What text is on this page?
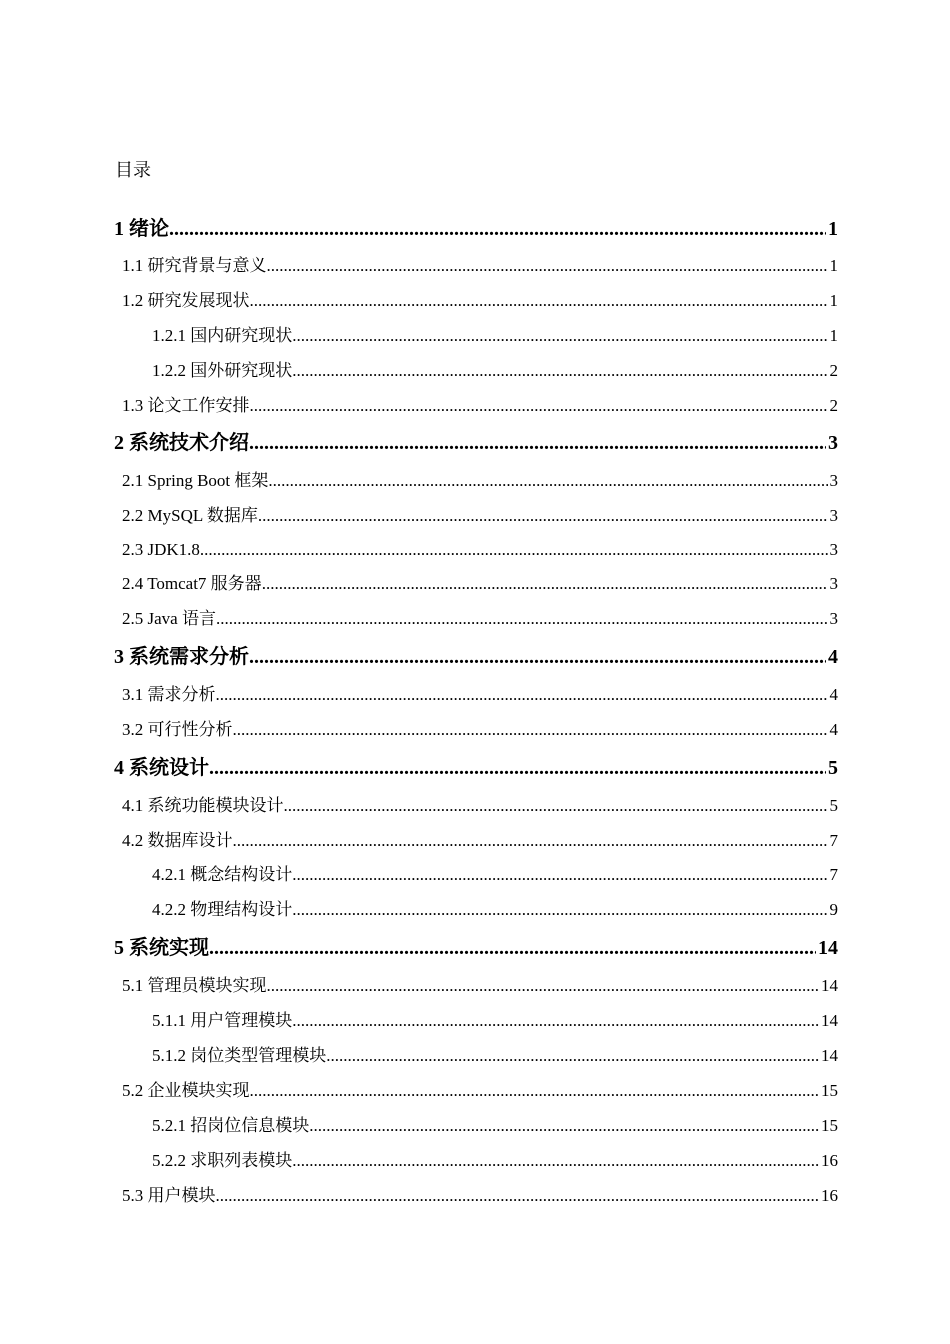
目录
1 绪论 .....	1
1.1 研究背景与意义 .....	1
1.2 研究发展现状 .....	1
1.2.1 国内研究现状 .....	1
1.2.2 国外研究现状 .....	2
1.3 论文工作安排 .....	2
2 系统技术介绍 .....	3
2.1 Spring Boot 框架 .....	3
2.2 MySQL 数据库 .....	3
2.3 JDK1.8 .....	3
2.4 Tomcat7 服务器 .....	3
2.5 Java 语言 .....	3
3 系统需求分析 .....	4
3.1 需求分析 .....	4
3.2 可行性分析 .....	4
4 系统设计 .....	5
4.1 系统功能模块设计 .....	5
4.2 数据库设计 .....	7
4.2.1 概念结构设计 .....	7
4.2.2 物理结构设计 .....	9
5 系统实现 .....	14
5.1 管理员模块实现 .....	14
5.1.1 用户管理模块 .....	14
5.1.2 岗位类型管理模块 .....	14
5.2 企业模块实现 .....	15
5.2.1 招岗位信息模块 .....	15
5.2.2 求职列表模块 .....	16
5.3 用户模块 .....	16
